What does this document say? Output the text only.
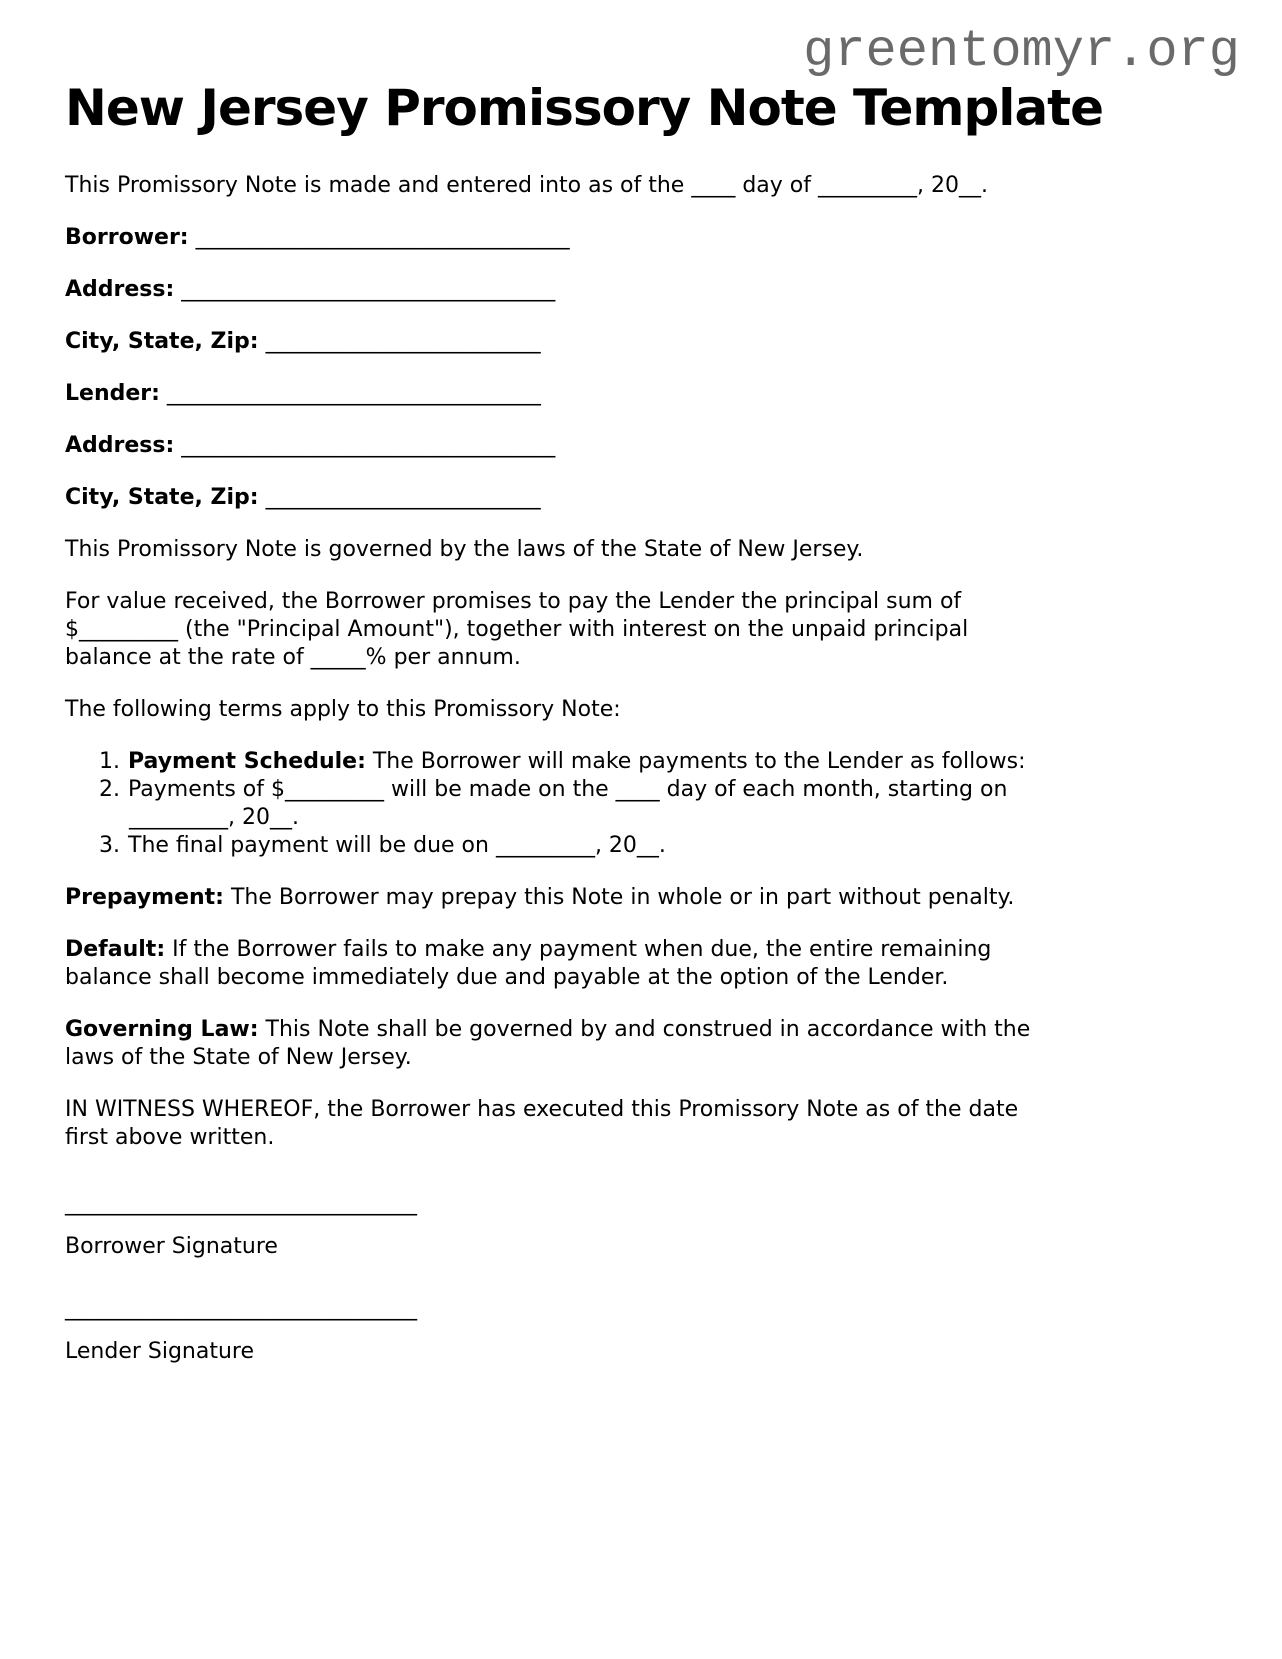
greentomyr.org
New Jersey Promissory Note Template

This Promissory Note is made and entered into as of the ____ day of _________, 20__.

Borrower: __________________________________
Address: __________________________________
City, State, Zip: _________________________
Lender: __________________________________
Address: __________________________________
City, State, Zip: _________________________

This Promissory Note is governed by the laws of the State of New Jersey.

For value received, the Borrower promises to pay the Lender the principal sum of
$_________ (the "Principal Amount"), together with interest on the unpaid principal
balance at the rate of _____% per annum.

The following terms apply to this Promissory Note:

1. Payment Schedule: The Borrower will make payments to the Lender as follows:
2. Payments of $_________ will be made on the ____ day of each month, starting on
_________, 20__.
3. The final payment will be due on _________, 20__.

Prepayment: The Borrower may prepay this Note in whole or in part without penalty.

Default: If the Borrower fails to make any payment when due, the entire remaining
balance shall become immediately due and payable at the option of the Lender.

Governing Law: This Note shall be governed by and construed in accordance with the
laws of the State of New Jersey.

IN WITNESS WHEREOF, the Borrower has executed this Promissory Note as of the date
first above written.

________________________________
Borrower Signature
________________________________
Lender Signature
